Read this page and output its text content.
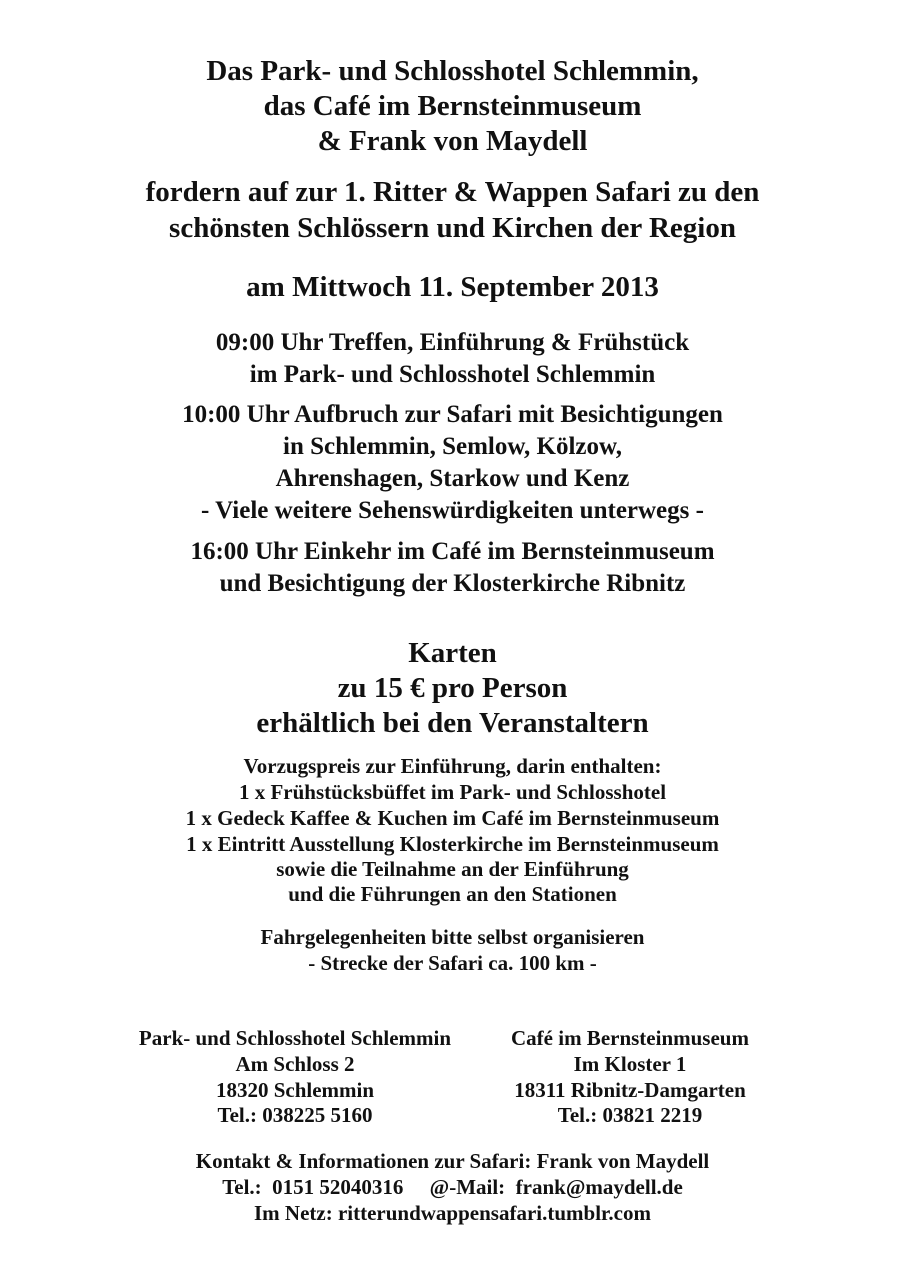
Das Park- und Schlosshotel Schlemmin,
das Café im Bernsteinmuseum
& Frank von Maydell
fordern auf zur 1. Ritter & Wappen Safari zu den
schönsten Schlössern und Kirchen der Region
am Mittwoch 11. September 2013
09:00 Uhr Treffen, Einführung & Frühstück
im Park- und Schlosshotel Schlemmin
10:00 Uhr Aufbruch zur Safari mit Besichtigungen
in Schlemmin, Semlow, Kölzow,
Ahrenshagen, Starkow und Kenz
- Viele weitere Sehenswürdigkeiten unterwegs -
16:00 Uhr Einkehr im Café im Bernsteinmuseum
und Besichtigung der Klosterkirche Ribnitz
Karten
zu 15 € pro Person
erhältlich bei den Veranstaltern
Vorzugspreis zur Einführung, darin enthalten:
1 x Frühstücksbüffet im Park- und Schlosshotel
1 x Gedeck Kaffee & Kuchen im Café im Bernsteinmuseum
1 x Eintritt Ausstellung Klosterkirche im Bernsteinmuseum
sowie die Teilnahme an der Einführung
und die Führungen an den Stationen
Fahrgelegenheiten bitte selbst organisieren
- Strecke der Safari ca. 100 km -
Park- und Schlosshotel Schlemmin
Am Schloss 2
18320 Schlemmin
Tel.: 038225 5160
Café im Bernsteinmuseum
Im Kloster 1
18311 Ribnitz-Damgarten
Tel.: 03821 2219
Kontakt & Informationen zur Safari: Frank von Maydell
Tel.:  0151 52040316     @-Mail:  frank@maydell.de
Im Netz: ritterundwappensafari.tumblr.com
